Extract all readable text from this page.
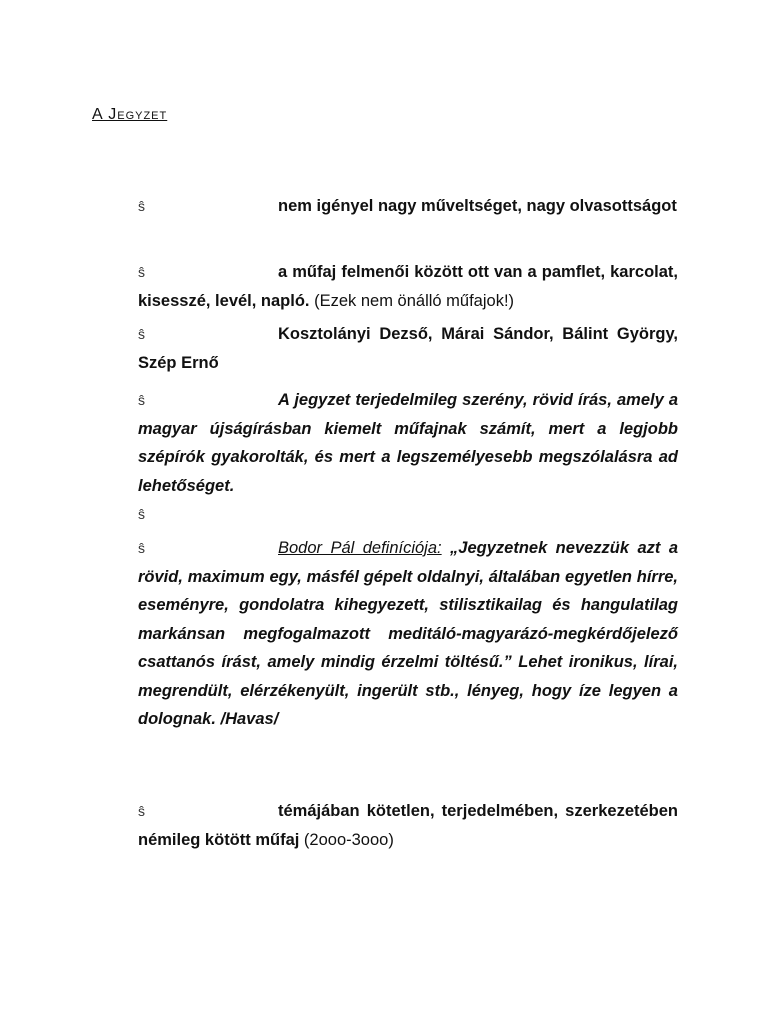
A Jegyzet
ŝ	nem igényel nagy műveltséget, nagy olvasottságot
ŝ	a műfaj felmenői között ott van a pamflet, karcolat, kisesszé, levél, napló. (Ezek nem önálló műfajok!)
ŝ	Kosztolányi Dezső, Márai Sándor, Bálint György, Szép Ernő
ŝ	A jegyzet terjedelmileg szerény, rövid írás, amely a magyar újságírásban kiemelt műfajnak számít, mert a legjobb szépírók gyakorolták, és mert a legszemélyesebb megszólalásra ad lehetőséget.
ŝ
ŝ	Bodor Pál definíciója: „Jegyzetnek nevezzük azt a rövid, maximum egy, másfél gépelt oldalnyi, általában egyetlen hírre, eseményre, gondolatra kihegyezett, stilisztikailag és hangulatilag markánsan megfogalmazott meditáló-magyarázó-megkérdőjelező csattanós írást, amely mindig érzelmi töltésű.” Lehet ironikus, lírai, megrendült, elérzékenyült, ingerült stb., lényeg, hogy íze legyen a dolognak. /Havas/
ŝ	témájában kötetlen, terjedelmében, szerkezetében némileg kötött műfaj (2ooo-3ooo)
